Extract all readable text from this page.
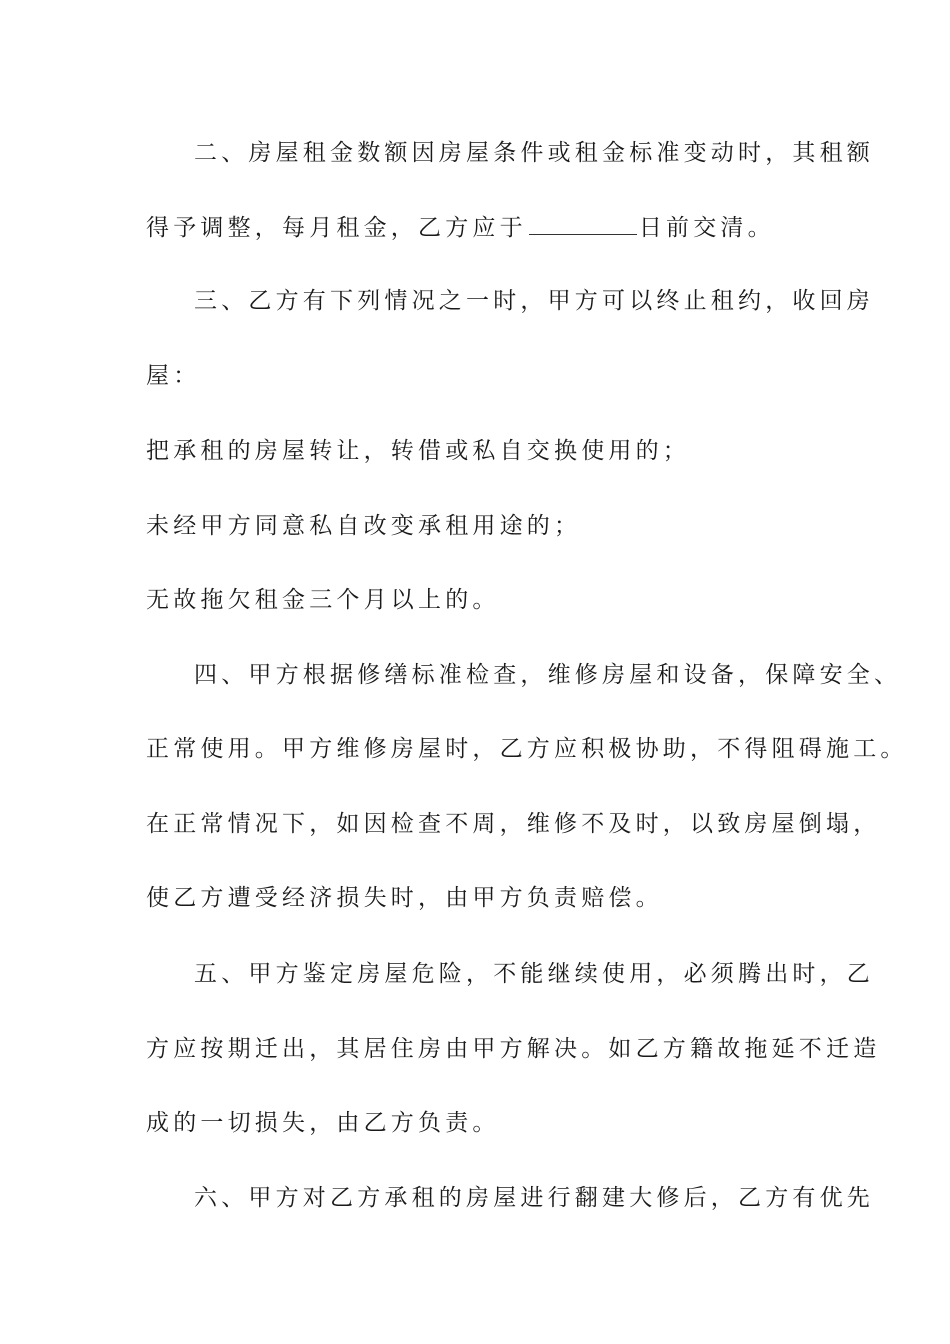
二、房屋租金数额因房屋条件或租金标准变动时，其租额
得予调整，每月租金，乙方应于	日前交清。
三、乙方有下列情况之一时，甲方可以终止租约，收回房
屋：
把承租的房屋转让，转借或私自交换使用的；
未经甲方同意私自改变承租用途的；
无故拖欠租金三个月以上的。
四、甲方根据修缮标准检查，维修房屋和设备，保障安全、
正常使用。甲方维修房屋时，乙方应积极协助，不得阻碍施工。
在正常情况下，如因检查不周，维修不及时，以致房屋倒塌，
使乙方遭受经济损失时，由甲方负责赔偿。
五、甲方鉴定房屋危险，不能继续使用，必须腾出时，乙
方应按期迁出，其居住房由甲方解决。如乙方籍故拖延不迁造
成的一切损失，由乙方负责。
六、甲方对乙方承租的房屋进行翻建大修后，乙方有优先
